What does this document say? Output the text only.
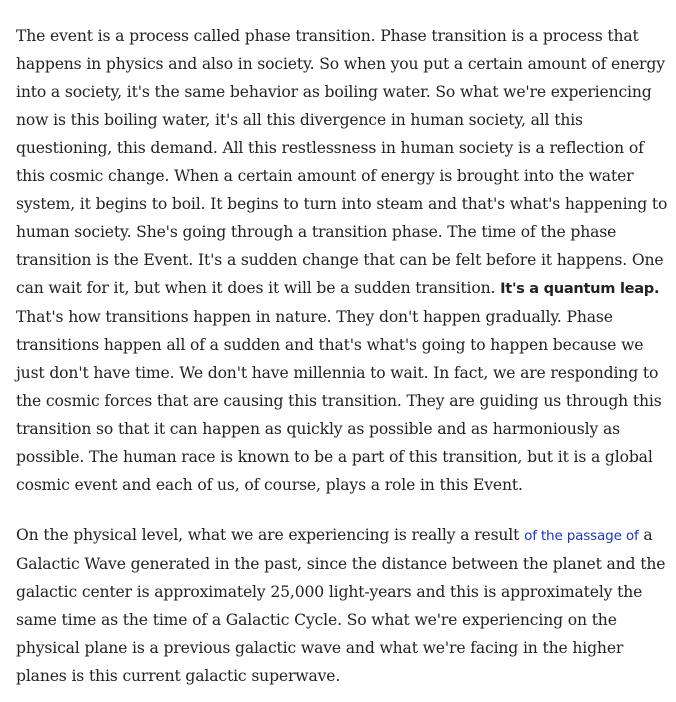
The event is a process called phase transition. Phase transition is a process that happens in physics and also in society. So when you put a certain amount of energy into a society, it's the same behavior as boiling water. So what we're experiencing now is this boiling water, it's all this divergence in human society, all this questioning, this demand. All this restlessness in human society is a reflection of this cosmic change. When a certain amount of energy is brought into the water system, it begins to boil. It begins to turn into steam and that's what's happening to human society. She's going through a transition phase. The time of the phase transition is the Event. It's a sudden change that can be felt before it happens. One can wait for it, but when it does it will be a sudden transition. It's a quantum leap. That's how transitions happen in nature. They don't happen gradually. Phase transitions happen all of a sudden and that's what's going to happen because we just don't have time. We don't have millennia to wait. In fact, we are responding to the cosmic forces that are causing this transition. They are guiding us through this transition so that it can happen as quickly as possible and as harmoniously as possible. The human race is known to be a part of this transition, but it is a global cosmic event and each of us, of course, plays a role in this Event.

On the physical level, what we are experiencing is really a result of the passage of a Galactic Wave generated in the past, since the distance between the planet and the galactic center is approximately 25,000 light-years and this is approximately the same time as the time of a Galactic Cycle. So what we're experiencing on the physical plane is a previous galactic wave and what we're facing in the higher planes is this current galactic superwave.
